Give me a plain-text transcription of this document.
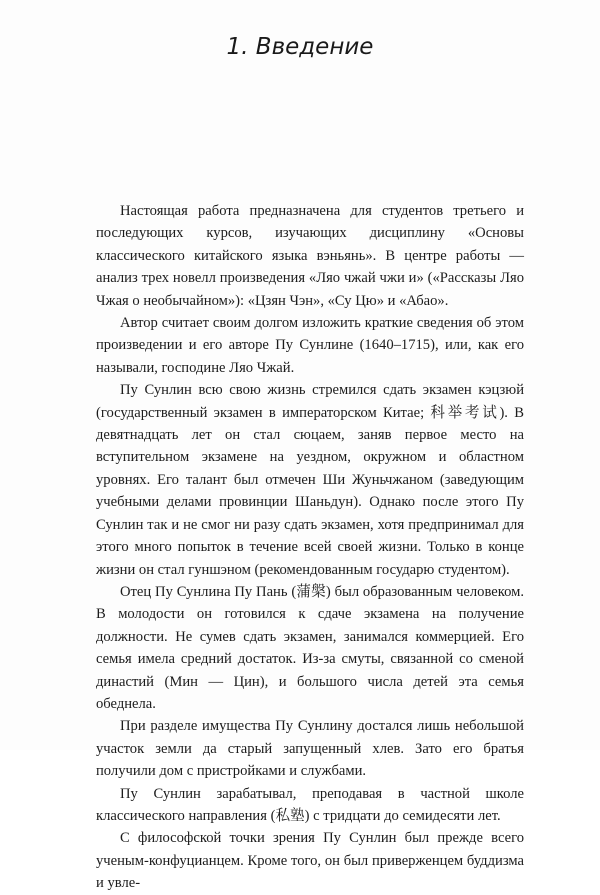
1. Введение

Настоящая работа предназначена для студентов третьего и последующих курсов, изучающих дисциплину «Основы классического китайского языка вэньянь». В центре работы — анализ трех новелл произведения «Ляо чжай чжи и» («Рассказы Ляо Чжая о необычайном»): «Цзян Чэн», «Су Цю» и «Абао».

Автор считает своим долгом изложить краткие сведения об этом произведении и его авторе Пу Сунлине (1640–1715), или, как его называли, господине Ляо Чжай.

Пу Сунлин всю свою жизнь стремился сдать экзамен кэцзюй (государственный экзамен в императорском Китае; 科举考试). В девятнадцать лет он стал сюцаем, заняв первое место на вступительном экзамене на уездном, окружном и областном уровнях. Его талант был отмечен Ши Жуньчжаном (заведующим учебными делами провинции Шаньдун). Однако после этого Пу Сунлин так и не смог ни разу сдать экзамен, хотя предпринимал для этого много попыток в течение всей своей жизни. Только в конце жизни он стал гуншэном (рекомендованным государю студентом).

Отец Пу Сунлина Пу Пань (蒲槃) был образованным человеком. В молодости он готовился к сдаче экзамена на получение должности. Не сумев сдать экзамен, занимался коммерцией. Его семья имела средний достаток. Из-за смуты, связанной со сменой династий (Мин — Цин), и большого числа детей эта семья обеднела.

При разделе имущества Пу Сунлину достался лишь небольшой участок земли да старый запущенный хлев. Зато его братья получили дом с пристройками и службами.

Пу Сунлин зарабатывал, преподавая в частной школе классического направления (私塾) с тридцати до семидесяти лет.

С философской точки зрения Пу Сунлин был прежде всего ученым-конфуцианцем. Кроме того, он был приверженцем буддизма и увле-
